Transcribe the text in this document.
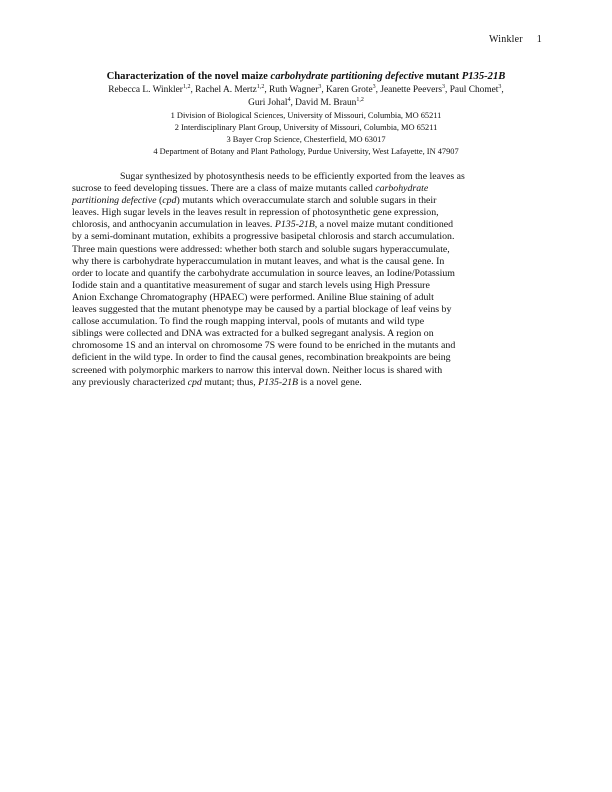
Winkler 1
Characterization of the novel maize carbohydrate partitioning defective mutant P135-21B
Rebecca L. Winkler$^{1,2}$, Rachel A. Mertz$^{1,2}$, Ruth Wagner$^3$, Karen Grote$^3$, Jeanette Peevers$^3$, Paul Chomet$^3$,
Guri Johal$^4$, David M. Braun$^{1,2}$
1 Division of Biological Sciences, University of Missouri, Columbia, MO 65211
2 Interdisciplinary Plant Group, University of Missouri, Columbia, MO 65211
3 Bayer Crop Science, Chesterfield, MO 63017
4 Department of Botany and Plant Pathology, Purdue University, West Lafayette, IN 47907
Sugar synthesized by photosynthesis needs to be efficiently exported from the leaves as
sucrose to feed developing tissues. There are a class of maize mutants called carbohydrate
partitioning defective (cpd) mutants which overaccumulate starch and soluble sugars in their
leaves. High sugar levels in the leaves result in repression of photosynthetic gene expression,
chlorosis, and anthocyanin accumulation in leaves. P135-21B, a novel maize mutant conditioned
by a semi-dominant mutation, exhibits a progressive basipetal chlorosis and starch accumulation.
Three main questions were addressed: whether both starch and soluble sugars hyperaccumulate,
why there is carbohydrate hyperaccumulation in mutant leaves, and what is the causal gene. In
order to locate and quantify the carbohydrate accumulation in source leaves, an Iodine/Potassium
Iodide stain and a quantitative measurement of sugar and starch levels using High Pressure
Anion Exchange Chromatography (HPAEC) were performed. Aniline Blue staining of adult
leaves suggested that the mutant phenotype may be caused by a partial blockage of leaf veins by
callose accumulation. To find the rough mapping interval, pools of mutants and wild type
siblings were collected and DNA was extracted for a bulked segregant analysis. A region on
chromosome 1S and an interval on chromosome 7S were found to be enriched in the mutants and
deficient in the wild type. In order to find the causal genes, recombination breakpoints are being
screened with polymorphic markers to narrow this interval down. Neither locus is shared with
any previously characterized cpd mutant; thus, P135-21B is a novel gene.
